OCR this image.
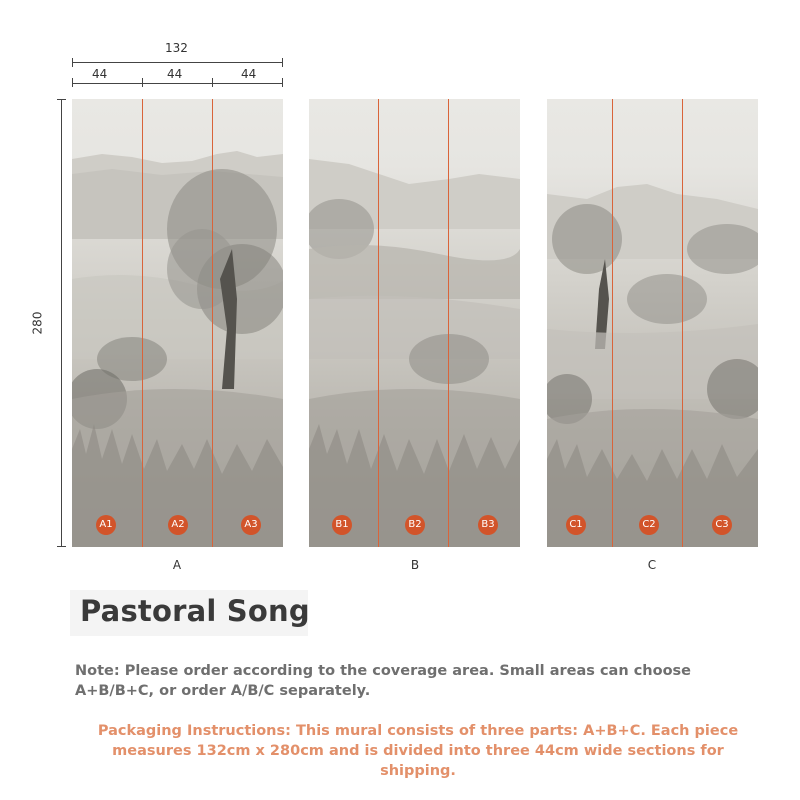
132
44	44	44
280
A1	A2	A3	B1	B2	B3	C1	C2	C3
A	B	C
Pastoral Song
Note: Please order according to the coverage area. Small areas can choose A+B/B+C, or order A/B/C separately.
Packaging Instructions: This mural consists of three parts: A+B+C. Each piece measures 132cm x 280cm and is divided into three 44cm wide sections for shipping.
